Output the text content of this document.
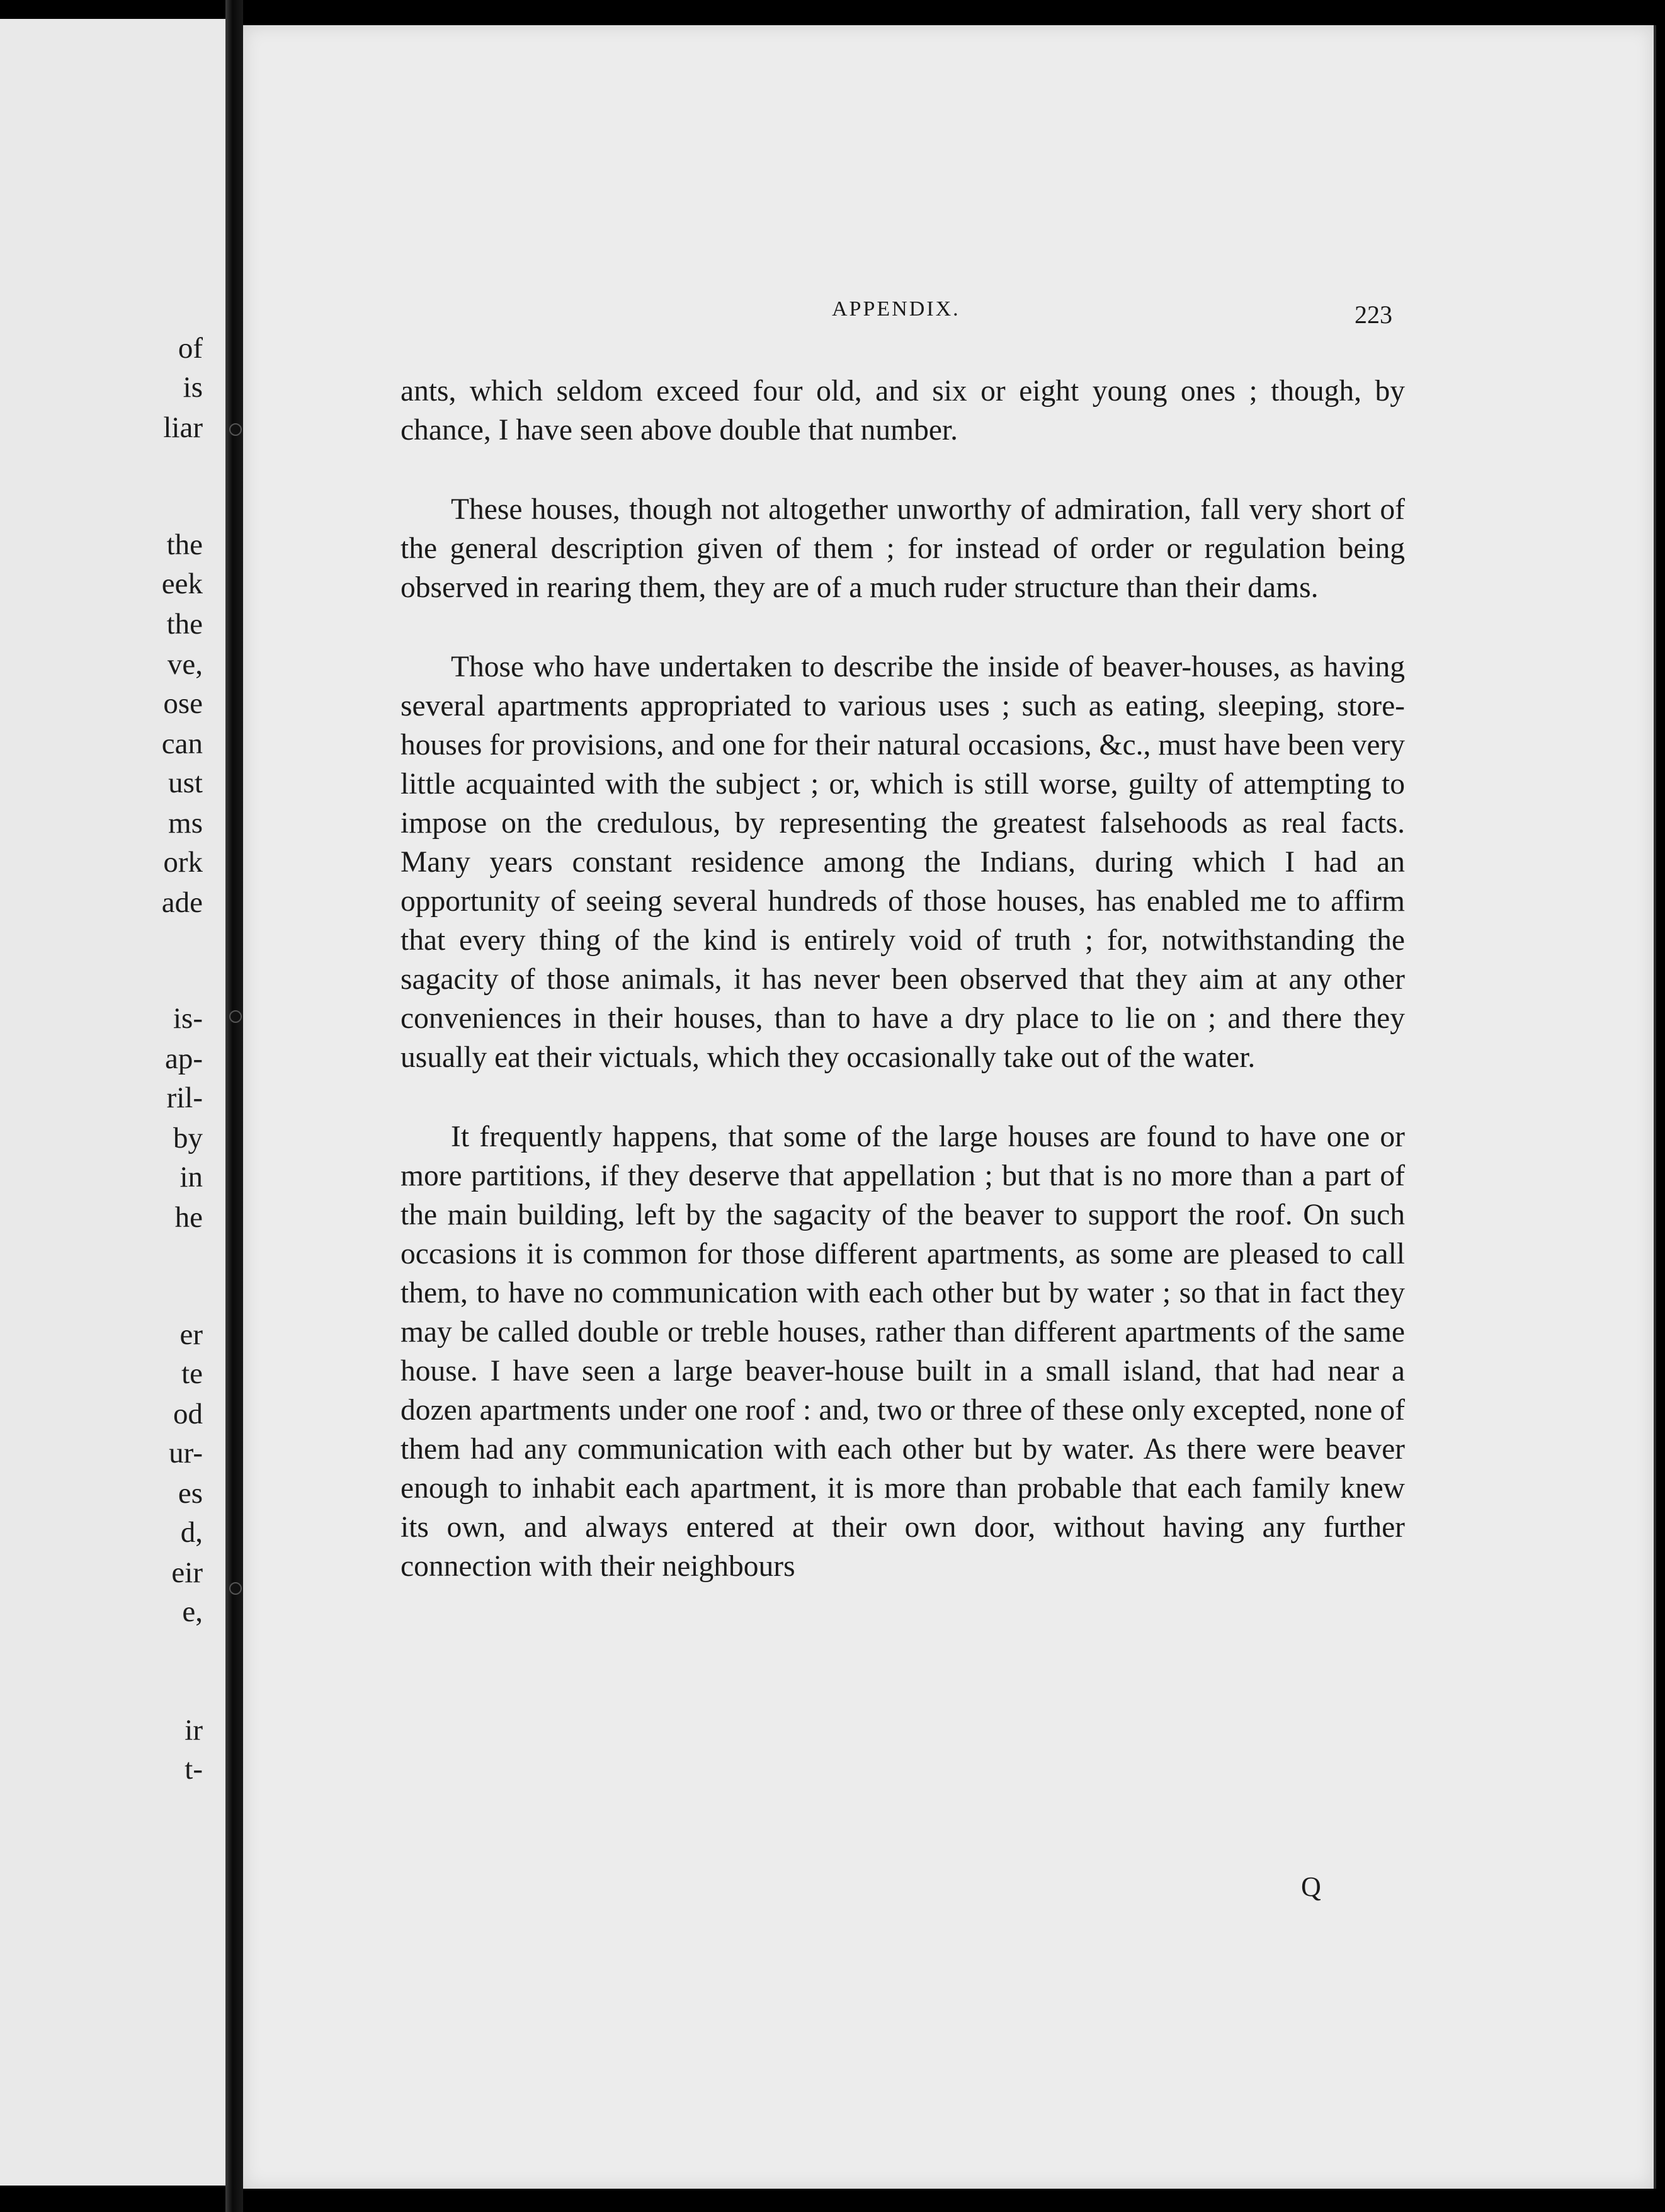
of
is
liar
the
eek
the
ve,
ose
can
ust
ms
ork
ade
is-
ap-
ril-
by
in
he
er
te
od
ur-
es
d,
eir
e,
ir
t-
APPENDIX.	223

ants, which seldom exceed four old, and six or eight young ones ; though, by chance, I have seen above double that number.

These houses, though not altogether unworthy of admiration, fall very short of the general description given of them ; for instead of order or regulation being observed in rearing them, they are of a much ruder structure than their dams.

Those who have undertaken to describe the inside of beaver-houses, as having several apartments appropriated to various uses ; such as eating, sleeping, store-houses for provisions, and one for their natural occasions, &c., must have been very little acquainted with the subject ; or, which is still worse, guilty of attempting to impose on the credulous, by representing the greatest falsehoods as real facts. Many years constant residence among the Indians, during which I had an opportunity of seeing several hundreds of those houses, has enabled me to affirm that every thing of the kind is entirely void of truth ; for, notwithstanding the sagacity of those animals, it has never been observed that they aim at any other conveniences in their houses, than to have a dry place to lie on ; and there they usually eat their victuals, which they occasionally take out of the water.

It frequently happens, that some of the large houses are found to have one or more partitions, if they deserve that appellation ; but that is no more than a part of the main building, left by the sagacity of the beaver to support the roof. On such occasions it is common for those different apartments, as some are pleased to call them, to have no communication with each other but by water ; so that in fact they may be called double or treble houses, rather than different apartments of the same house. I have seen a large beaver-house built in a small island, that had near a dozen apartments under one roof : and, two or three of these only excepted, none of them had any communication with each other but by water. As there were beaver enough to inhabit each apartment, it is more than probable that each family knew its own, and always entered at their own door, without having any further connection with their neighbours

Q
